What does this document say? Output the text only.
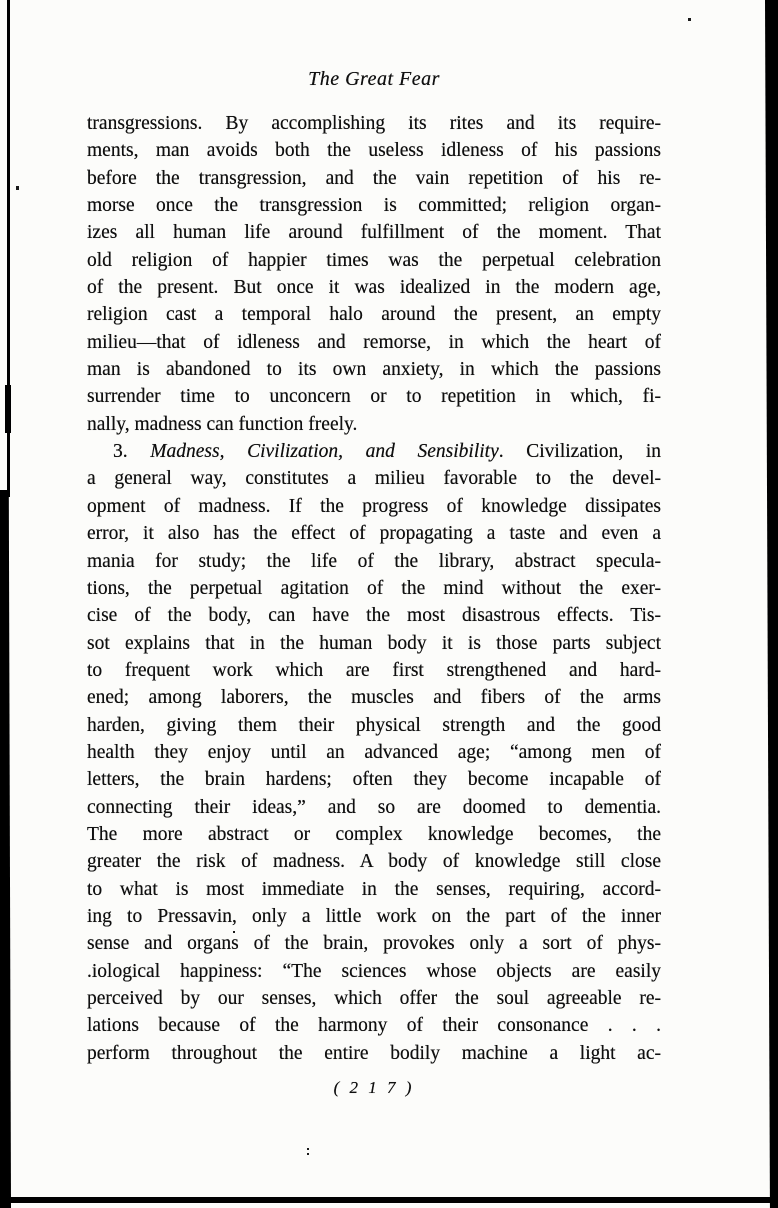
The Great Fear
transgressions. By accomplishing its rites and its require-
ments, man avoids both the useless idleness of his passions
before the transgression, and the vain repetition of his re-
morse once the transgression is committed; religion organ-
izes all human life around fulfillment of the moment. That
old religion of happier times was the perpetual celebration
of the present. But once it was idealized in the modern age,
religion cast a temporal halo around the present, an empty
milieu—that of idleness and remorse, in which the heart of
man is abandoned to its own anxiety, in which the passions
surrender time to unconcern or to repetition in which, fi-
nally, madness can function freely.
3. Madness, Civilization, and Sensibility. Civilization, in
a general way, constitutes a milieu favorable to the devel-
opment of madness. If the progress of knowledge dissipates
error, it also has the effect of propagating a taste and even a
mania for study; the life of the library, abstract specula-
tions, the perpetual agitation of the mind without the exer-
cise of the body, can have the most disastrous effects. Tis-
sot explains that in the human body it is those parts subject
to frequent work which are first strengthened and hard-
ened; among laborers, the muscles and fibers of the arms
harden, giving them their physical strength and the good
health they enjoy until an advanced age; “among men of
letters, the brain hardens; often they become incapable of
connecting their ideas,” and so are doomed to dementia.
The more abstract or complex knowledge becomes, the
greater the risk of madness. A body of knowledge still close
to what is most immediate in the senses, requiring, accord-
ing to Pressavin, only a little work on the part of the inner
sense and organs of the brain, provokes only a sort of phys-
.iological happiness: “The sciences whose objects are easily
perceived by our senses, which offer the soul agreeable re-
lations because of the harmony of their consonance . . .
perform throughout the entire bodily machine a light ac-
( 2 1 7 )
